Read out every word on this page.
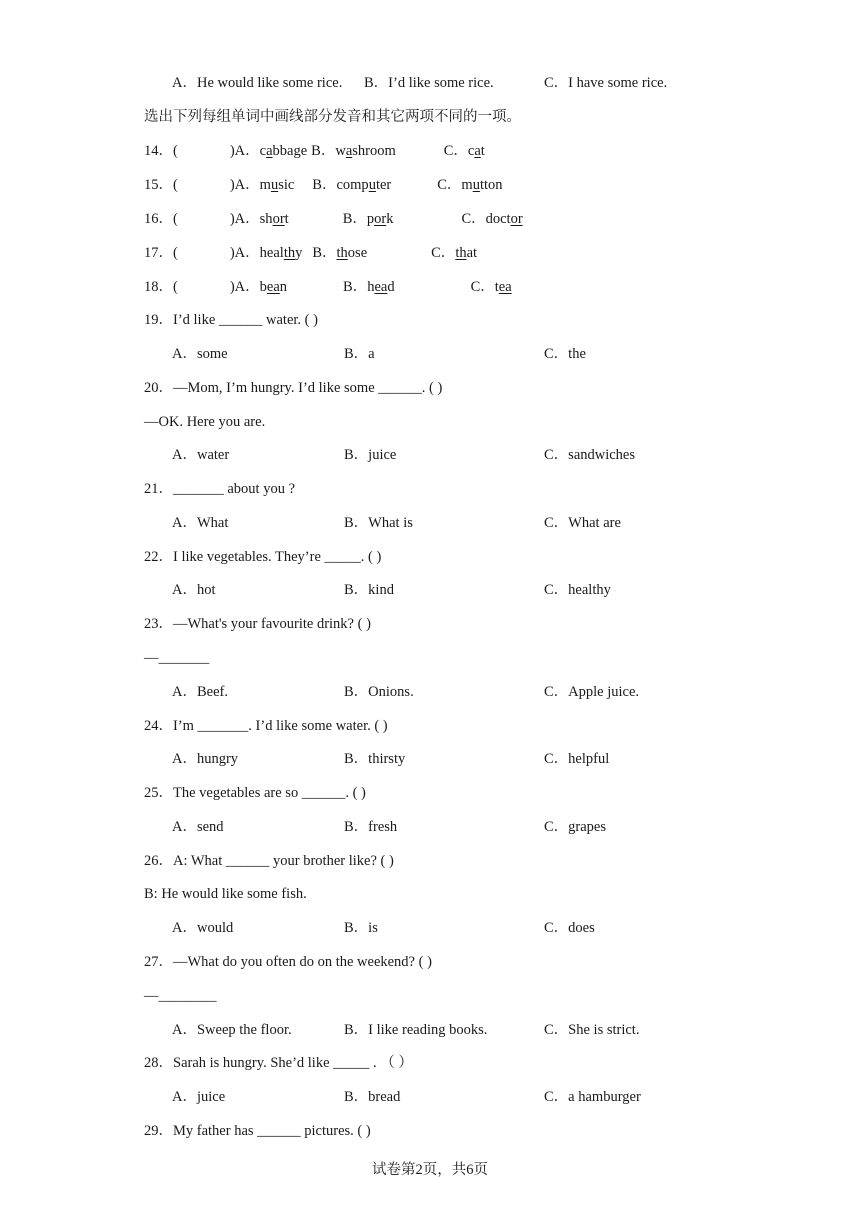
A．He would like some rice. B．I’d like some rice.	C．I have some rice.
选出下列每组单词中画线部分发音和其它两项不同的一项。
14．(	)A．cabbage B．washroom	C．cat
15．(	)A．music B．computer	C．mutton
16．(	)A．short	B．pork	C．doctor
17．(	)A．healthy B．those	C．that
18．(	)A．bean	B．head	C．tea
19．I’d like ______ water. ( )
A．some	B．a	C．the
20．—Mom, I’m hungry. I’d like some ______. ( )
—OK. Here you are.
A．water	B．juice	C．sandwiches
21．_______ about you ?
A．What	B．What is	C．What are
22．I like vegetables. They’re _____. ( )
A．hot	B．kind	C．healthy
23．—What's your favourite drink? ( )
—_______
A．Beef.	B．Onions.	C．Apple juice.
24．I’m _______. I’d like some water. ( )
A．hungry	B．thirsty	C．helpful
25．The vegetables are so ______. ( )
A．send	B．fresh	C．grapes
26．A: What ______ your brother like? ( )
B: He would like some fish.
A．would	B．is	C．does
27．—What do you often do on the weekend? ( )
—________
A．Sweep the floor.	B．I like reading books.	C．She is strict.
28．Sarah is hungry. She’d like _____ . （ ）
A．juice	B．bread	C．a hamburger
29．My father has ______ pictures. ( )
试卷第2页，共6页
